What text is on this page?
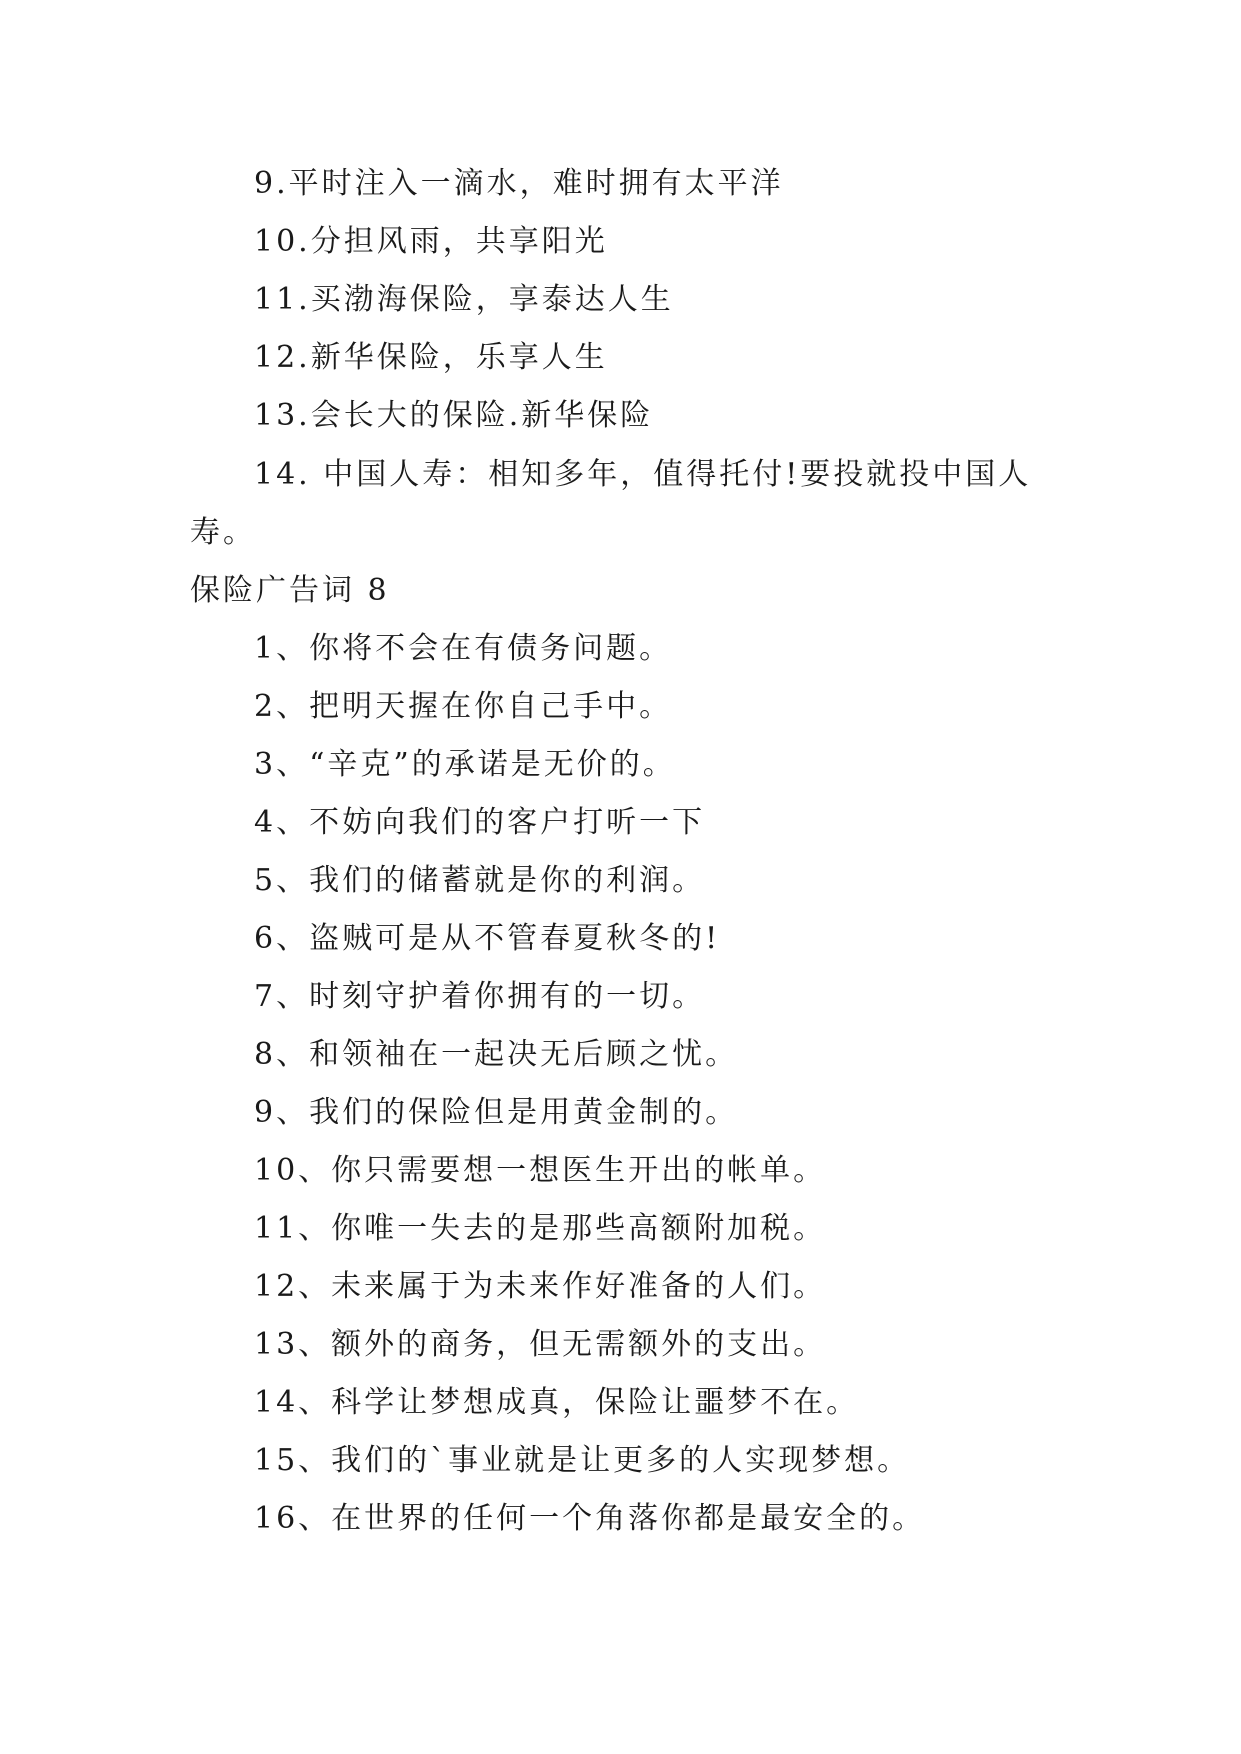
9.平时注入一滴水，难时拥有太平洋
10.分担风雨，共享阳光
11.买渤海保险，享泰达人生
12.新华保险，乐享人生
13.会长大的保险.新华保险
14. 中国人寿：相知多年，值得托付!要投就投中国人
寿。
保险广告词 8
1、你将不会在有债务问题。
2、把明天握在你自己手中。
3、“辛克”的承诺是无价的。
4、不妨向我们的客户打听一下
5、我们的储蓄就是你的利润。
6、盗贼可是从不管春夏秋冬的!
7、时刻守护着你拥有的一切。
8、和领袖在一起决无后顾之忧。
9、我们的保险但是用黄金制的。
10、你只需要想一想医生开出的帐单。
11、你唯一失去的是那些高额附加税。
12、未来属于为未来作好准备的人们。
13、额外的商务，但无需额外的支出。
14、科学让梦想成真，保险让噩梦不在。
15、我们的`事业就是让更多的人实现梦想。
16、在世界的任何一个角落你都是最安全的。
